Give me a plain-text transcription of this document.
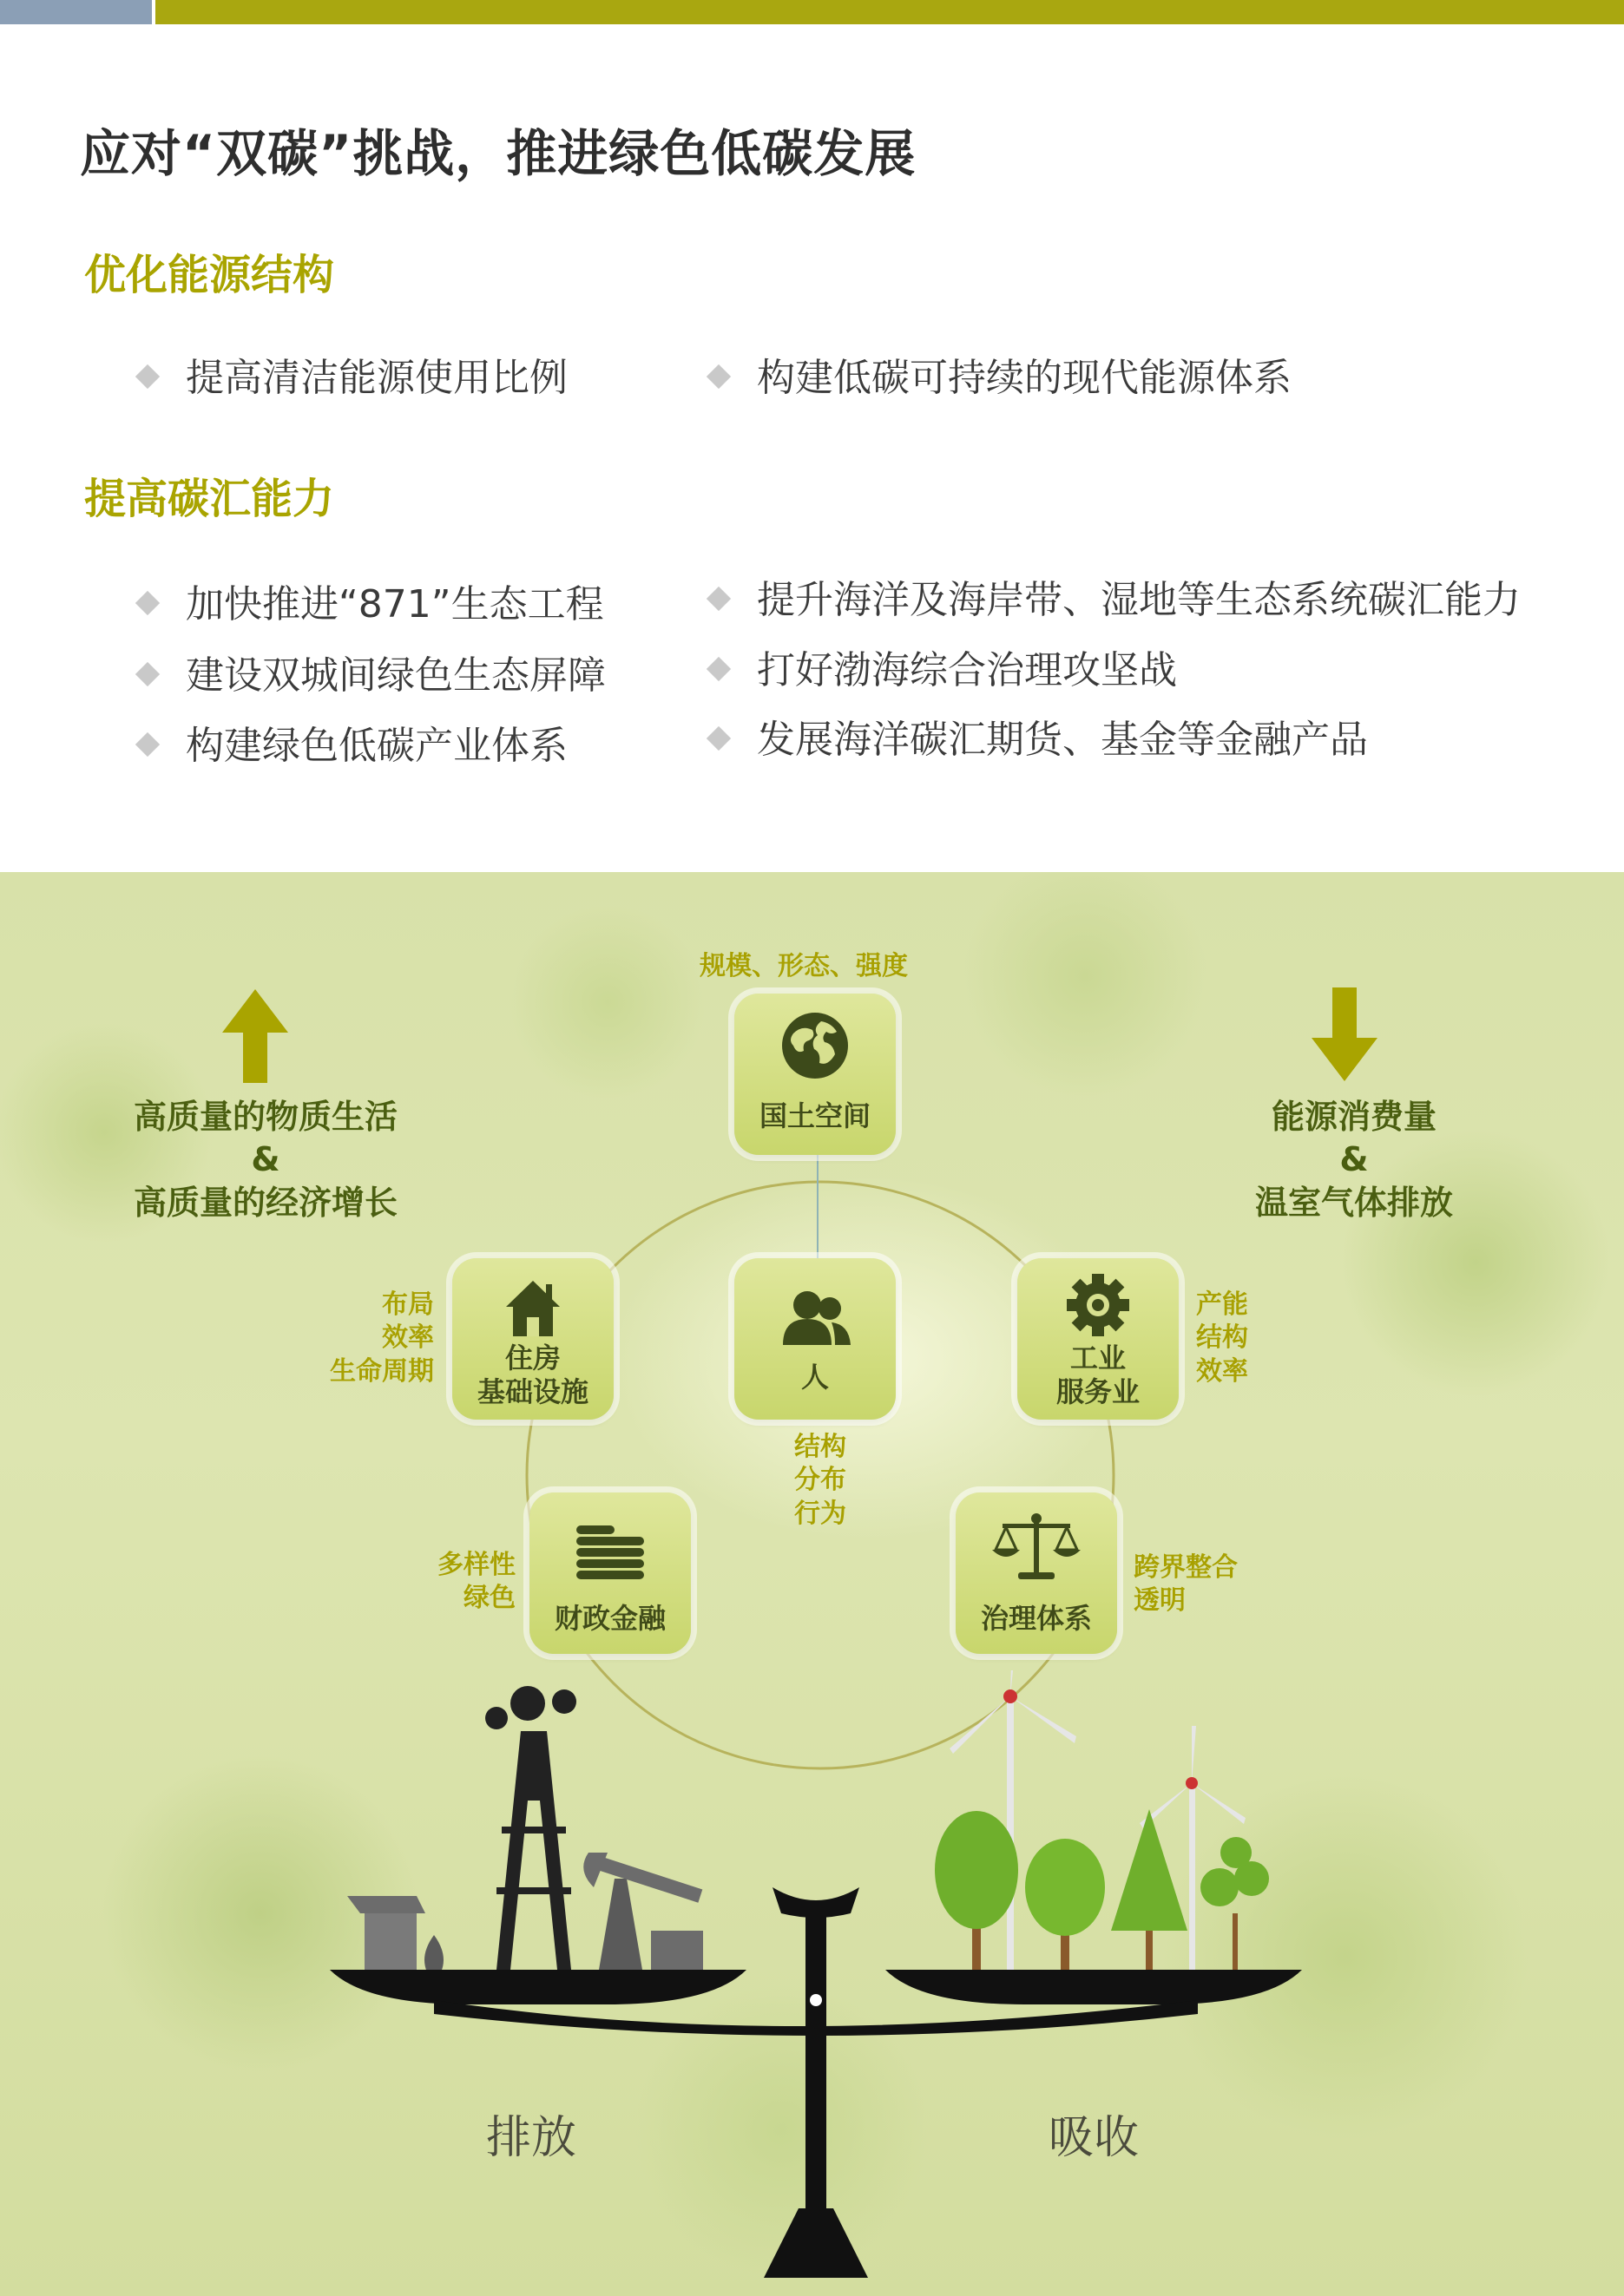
应对“双碳”挑战，推进绿色低碳发展
优化能源结构
提高清洁能源使用比例	构建低碳可持续的现代能源体系
提高碳汇能力
加快推进“871”生态工程
建设双城间绿色生态屏障
构建绿色低碳产业体系
提升海洋及海岸带、湿地等生态系统碳汇能力
打好渤海综合治理攻坚战
发展海洋碳汇期货、基金等金融产品
高质量的物质生活
&
高质量的经济增长
能源消费量
&
温室气体排放
规模、形态、强度
国土空间
布局
效率
生命周期	住房
基础设施	人
结构
分布
行为
工业
服务业
产能
结构
效率
多样性
绿色
财政金融	治理体系
跨界整合
透明
排放	吸收
